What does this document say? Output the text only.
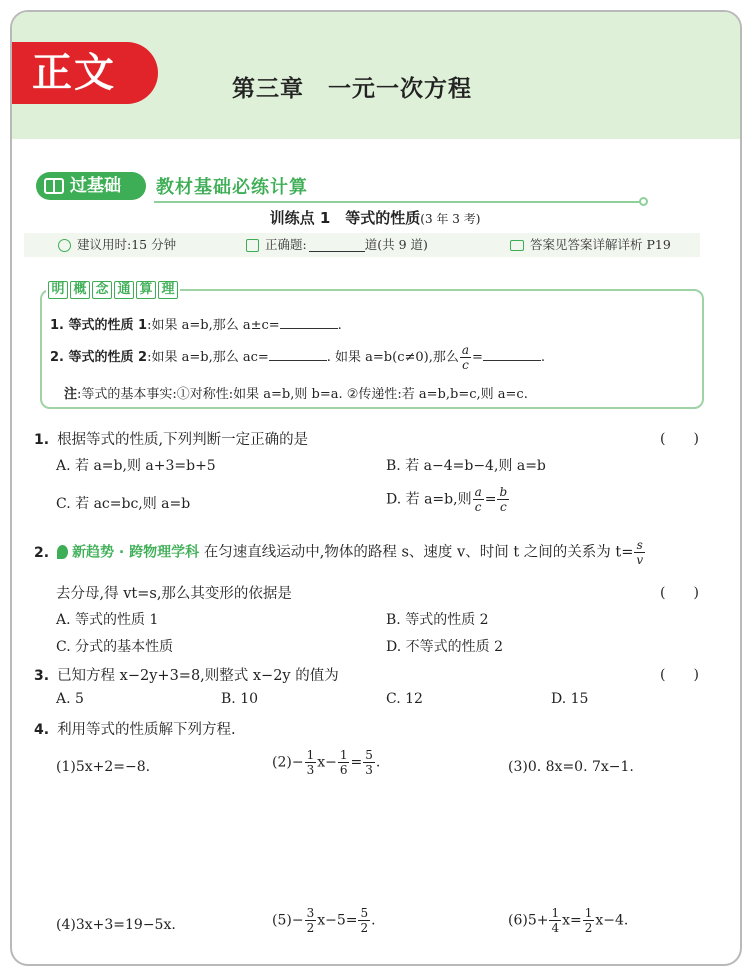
正文	第三章　一元一次方程
过基础	教材基础必练计算
训练点 1　等式的性质(3 年 3 考)
建议用时:15 分钟	正确题:	道(共 9 道)	答案见答案详解详析 P19
明 概 念 通 算 理
1. 等式的性质 1:如果 a=b,那么 a±c=	.
2. 等式的性质 2:如果 a=b,那么 ac=	. 如果 a=b(c≠0),那么 $\frac{a}{c}$ =	.
注:等式的基本事实:①对称性:如果 a=b,则 b=a. ②传递性:若 a=b,b=c,则 a=c.
1. 根据等式的性质,下列判断一定正确的是	(　　)
A. 若 a=b,则 a+3=b+5	B. 若 a−4=b−4,则 a=b
C. 若 ac=bc,则 a=b	D. 若 a=b,则 $\frac{a}{c} = \frac{b}{c}$
2. 新趋势 · 跨物理学科 在匀速直线运动中,物体的路程 s、速度 v、时间 t 之间的关系为 $t= \frac{s}{v}$
去分母,得 vt=s,那么其变形的依据是	(　　)
A. 等式的性质 1	B. 等式的性质 2
C. 分式的基本性质	D. 不等式的性质 2
3. 已知方程 x−2y+3=8,则整式 x−2y 的值为	(　　)
A. 5	B. 10	C. 12	D. 15
4. 利用等式的性质解下列方程.
(1)5x+2=−8.	$(2)- \frac{1}{3} x- \frac{1}{6} = \frac{5}{3}$ .	(3)0. 8x=0. 7x−1.
(4)3x+3=19−5x.	$(5)- \frac{3}{2} x-5= \frac{5}{2}$ .	$(6)5+ \frac{1}{4} x= \frac{1}{2} x-4$.
